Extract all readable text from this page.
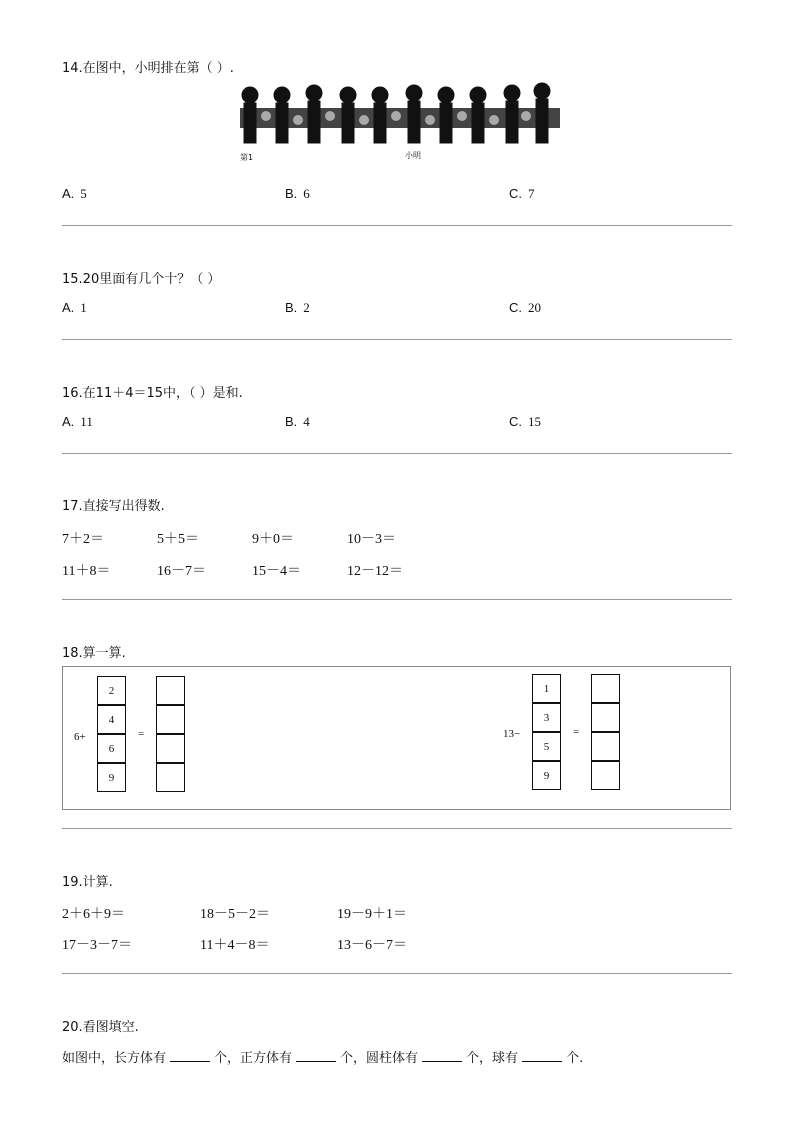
14.在图中，小明排在第（ ）.
第1	小明
A. 5	B. 6	C. 7
15.20里面有几个十？（ ）
A. 1	B. 2	C. 20
16.在11＋4＝15中，（ ）是和.
A. 11	B. 4	C. 15
17.直接写出得数.
7＋2＝	5＋5＝	9＋0＝	10－3＝
11＋8＝	16－7＝	15－4＝	12－12＝
18.算一算.
6+
2
4
6
9
=	13−
1
3
5
9
=
19.计算.
2＋6＋9＝	18－5－2＝	19－9＋1＝
17－3－7＝	11＋4－8＝	13－6－7＝
20.看图填空.
如图中，长方体有	个，正方体有	个，圆柱体有	个，球有	个.
